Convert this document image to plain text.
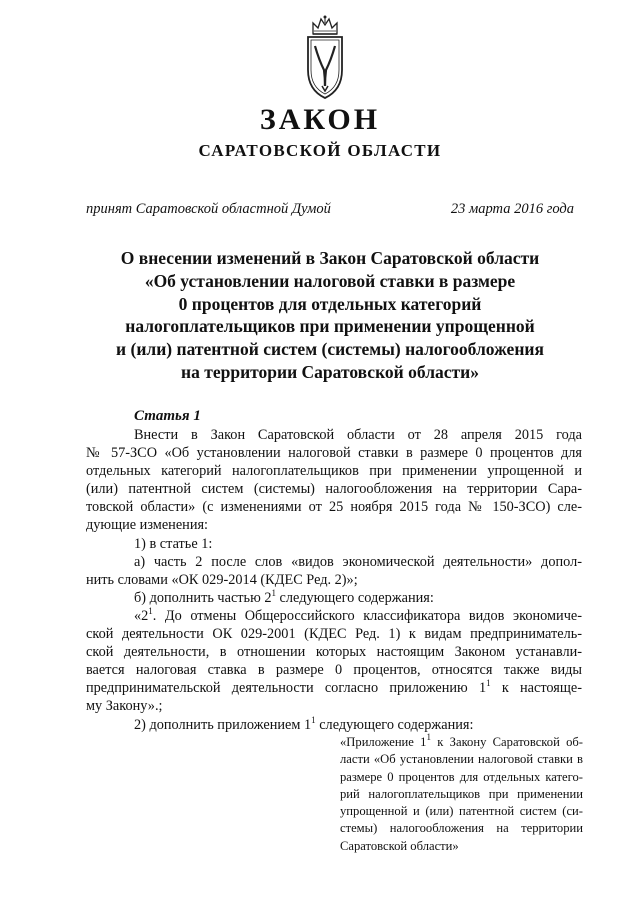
ЗАКОН
САРАТОВСКОЙ ОБЛАСТИ
принят Саратовской областной Думой	23 марта 2016 года
О внесении изменений в Закон Саратовской области
«Об установлении налоговой ставки в размере
0 процентов для отдельных категорий
налогоплательщиков при применении упрощенной
и (или) патентной систем (системы) налогообложения
на территории Саратовской области»
Статья 1
Внести в Закон Саратовской области от 28 апреля 2015 года
№ 57-ЗСО «Об установлении налоговой ставки в размере 0 процентов для
отдельных категорий налогоплательщиков при применении упрощенной и
(или) патентной систем (системы) налогообложения на территории Сара-
товской области» (с изменениями от 25 ноября 2015 года № 150-ЗСО) сле-
дующие изменения:
1) в статье 1:
а) часть 2 после слов «видов экономической деятельности» допол-
нить словами «ОК 029-2014 (КДЕС Ред. 2)»;
б) дополнить частью $2^1$ следующего содержания:
«$2^1$. До отмены Общероссийского классификатора видов экономиче-
ской деятельности ОК 029-2001 (КДЕС Ред. 1) к видам предприниматель-
ской деятельности, в отношении которых настоящим Законом устанавли-
вается налоговая ставка в размере 0 процентов, относятся также виды
предпринимательской деятельности согласно приложению $1^1$ к настояще-
му Закону».;
2) дополнить приложением $1^1$ следующего содержания:
«Приложение $1^1$ к Закону Саратовской об-
ласти «Об установлении налоговой ставки в
размере 0 процентов для отдельных катего-
рий налогоплательщиков при применении
упрощенной и (или) патентной систем (си-
стемы) налогообложения на территории
Саратовской области»
